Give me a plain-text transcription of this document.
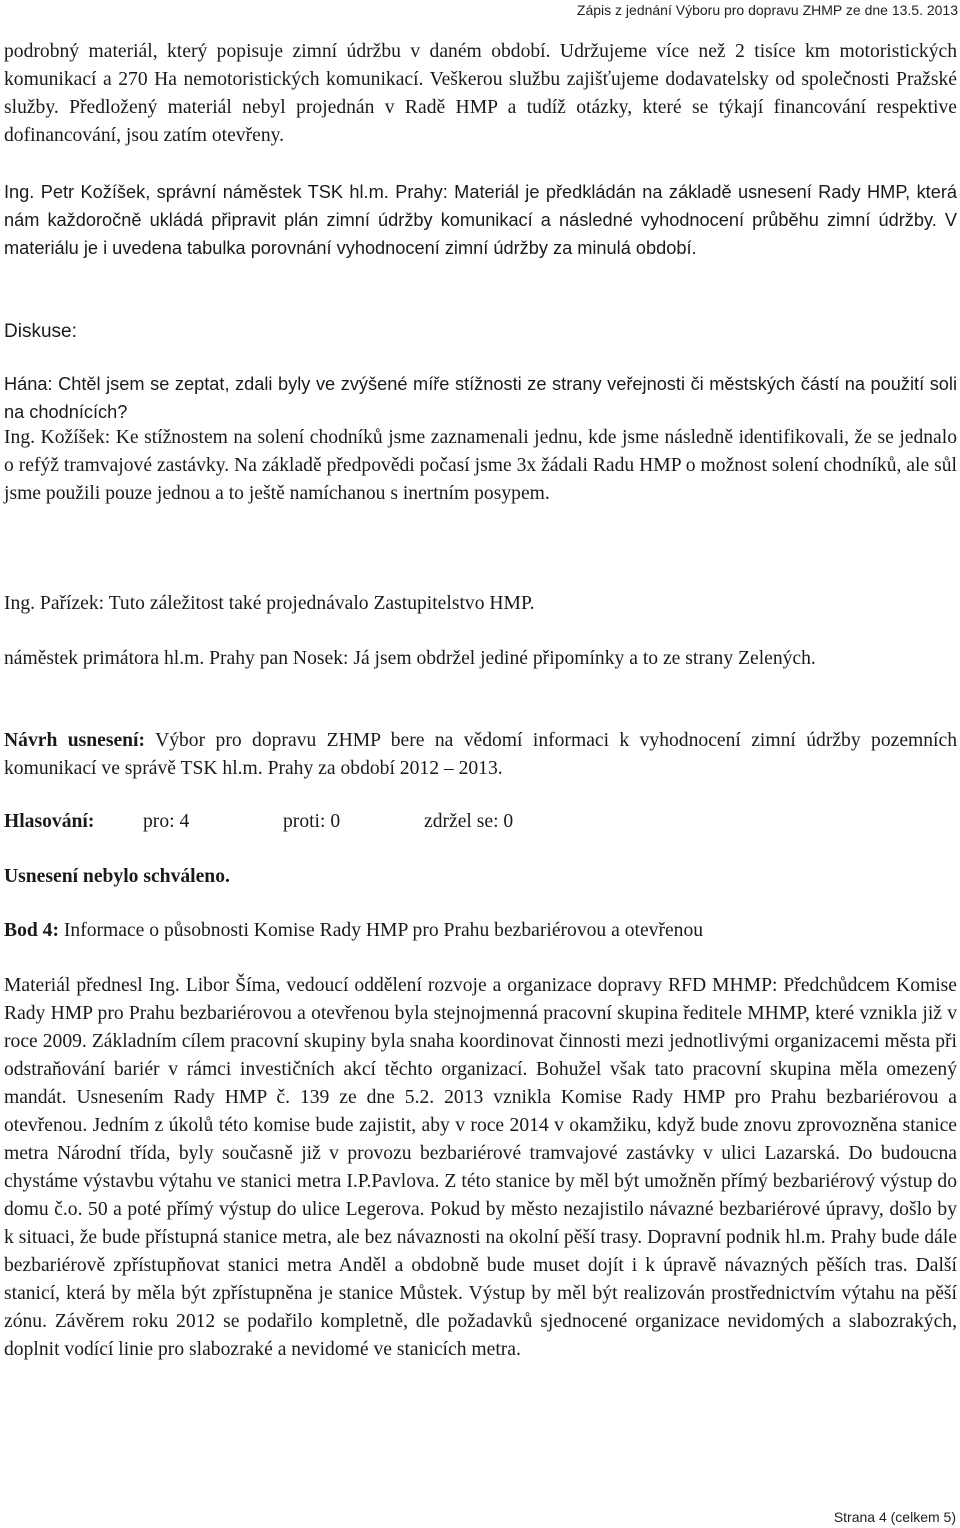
Zápis z jednání Výboru pro dopravu ZHMP ze dne 13.5. 2013

podrobný materiál, který popisuje zimní údržbu v daném období. Udržujeme více než 2 tisíce km motoristických komunikací a 270 Ha nemotoristických komunikací. Veškerou službu zajišťujeme dodavatelsky od společnosti Pražské služby. Předložený materiál nebyl projednán v Radě HMP a tudíž otázky, které se týkají financování respektive dofinancování, jsou zatím otevřeny.

Ing. Petr Kožíšek, správní náměstek TSK hl.m. Prahy: Materiál je předkládán na základě usnesení Rady HMP, která nám každoročně ukládá připravit plán zimní údržby komunikací a následné vyhodnocení průběhu zimní údržby. V materiálu je i uvedena tabulka porovnání vyhodnocení zimní údržby za minulá období.

Diskuse:

Hána: Chtěl jsem se zeptat, zdali byly ve zvýšené míře stížnosti ze strany veřejnosti či městských částí na použití soli na chodnících?

Ing. Kožíšek: Ke stížnostem na solení chodníků jsme zaznamenali jednu, kde jsme následně identifikovali, že se jednalo o refýž tramvajové zastávky. Na základě předpovědi počasí jsme 3x žádali Radu HMP o možnost solení chodníků, ale sůl jsme použili pouze jednou a to ještě namíchanou s inertním posypem.

Ing. Pařízek: Tuto záležitost také projednávalo Zastupitelstvo HMP.

náměstek primátora hl.m. Prahy pan Nosek: Já jsem obdržel jediné připomínky a to ze strany Zelených.

Návrh usnesení: Výbor pro dopravu ZHMP bere na vědomí informaci k vyhodnocení zimní údržby pozemních komunikací ve správě TSK hl.m. Prahy za období 2012 – 2013.

Hlasování: pro: 4	proti: 0	zdržel se: 0

Usnesení nebylo schváleno.

Bod 4: Informace o působnosti Komise Rady HMP pro Prahu bezbariérovou a otevřenou

Materiál přednesl Ing. Libor Šíma, vedoucí oddělení rozvoje a organizace dopravy RFD MHMP: Předchůdcem Komise Rady HMP pro Prahu bezbariérovou a otevřenou byla stejnojmenná pracovní skupina ředitele MHMP, které vznikla již v roce 2009. Základním cílem pracovní skupiny byla snaha koordinovat činnosti mezi jednotlivými organizacemi města při odstraňování bariér v rámci investičních akcí těchto organizací. Bohužel však tato pracovní skupina měla omezený mandát. Usnesením Rady HMP č. 139 ze dne 5.2. 2013 vznikla Komise Rady HMP pro Prahu bezbariérovou a otevřenou. Jedním z úkolů této komise bude zajistit, aby v roce 2014 v okamžiku, když bude znovu zprovozněna stanice metra Národní třída, byly současně již v provozu bezbariérové tramvajové zastávky v ulici Lazarská. Do budoucna chystáme výstavbu výtahu ve stanici metra I.P.Pavlova. Z této stanice by měl být umožněn přímý bezbariérový výstup do domu č.o. 50 a poté přímý výstup do ulice Legerova. Pokud by město nezajistilo návazné bezbariérové úpravy, došlo by k situaci, že bude přístupná stanice metra, ale bez návaznosti na okolní pěší trasy. Dopravní podnik hl.m. Prahy bude dále bezbariérově zpřístupňovat stanici metra Anděl a obdobně bude muset dojít i k úpravě návazných pěších tras. Další stanicí, která by měla být zpřístupněna je stanice Můstek. Výstup by měl být realizován prostřednictvím výtahu na pěší zónu. Závěrem roku 2012 se podařilo kompletně, dle požadavků sjednocené organizace nevidomých a slabozrakých, doplnit vodící linie pro slabozraké a nevidomé ve stanicích metra.

Strana 4 (celkem 5)
